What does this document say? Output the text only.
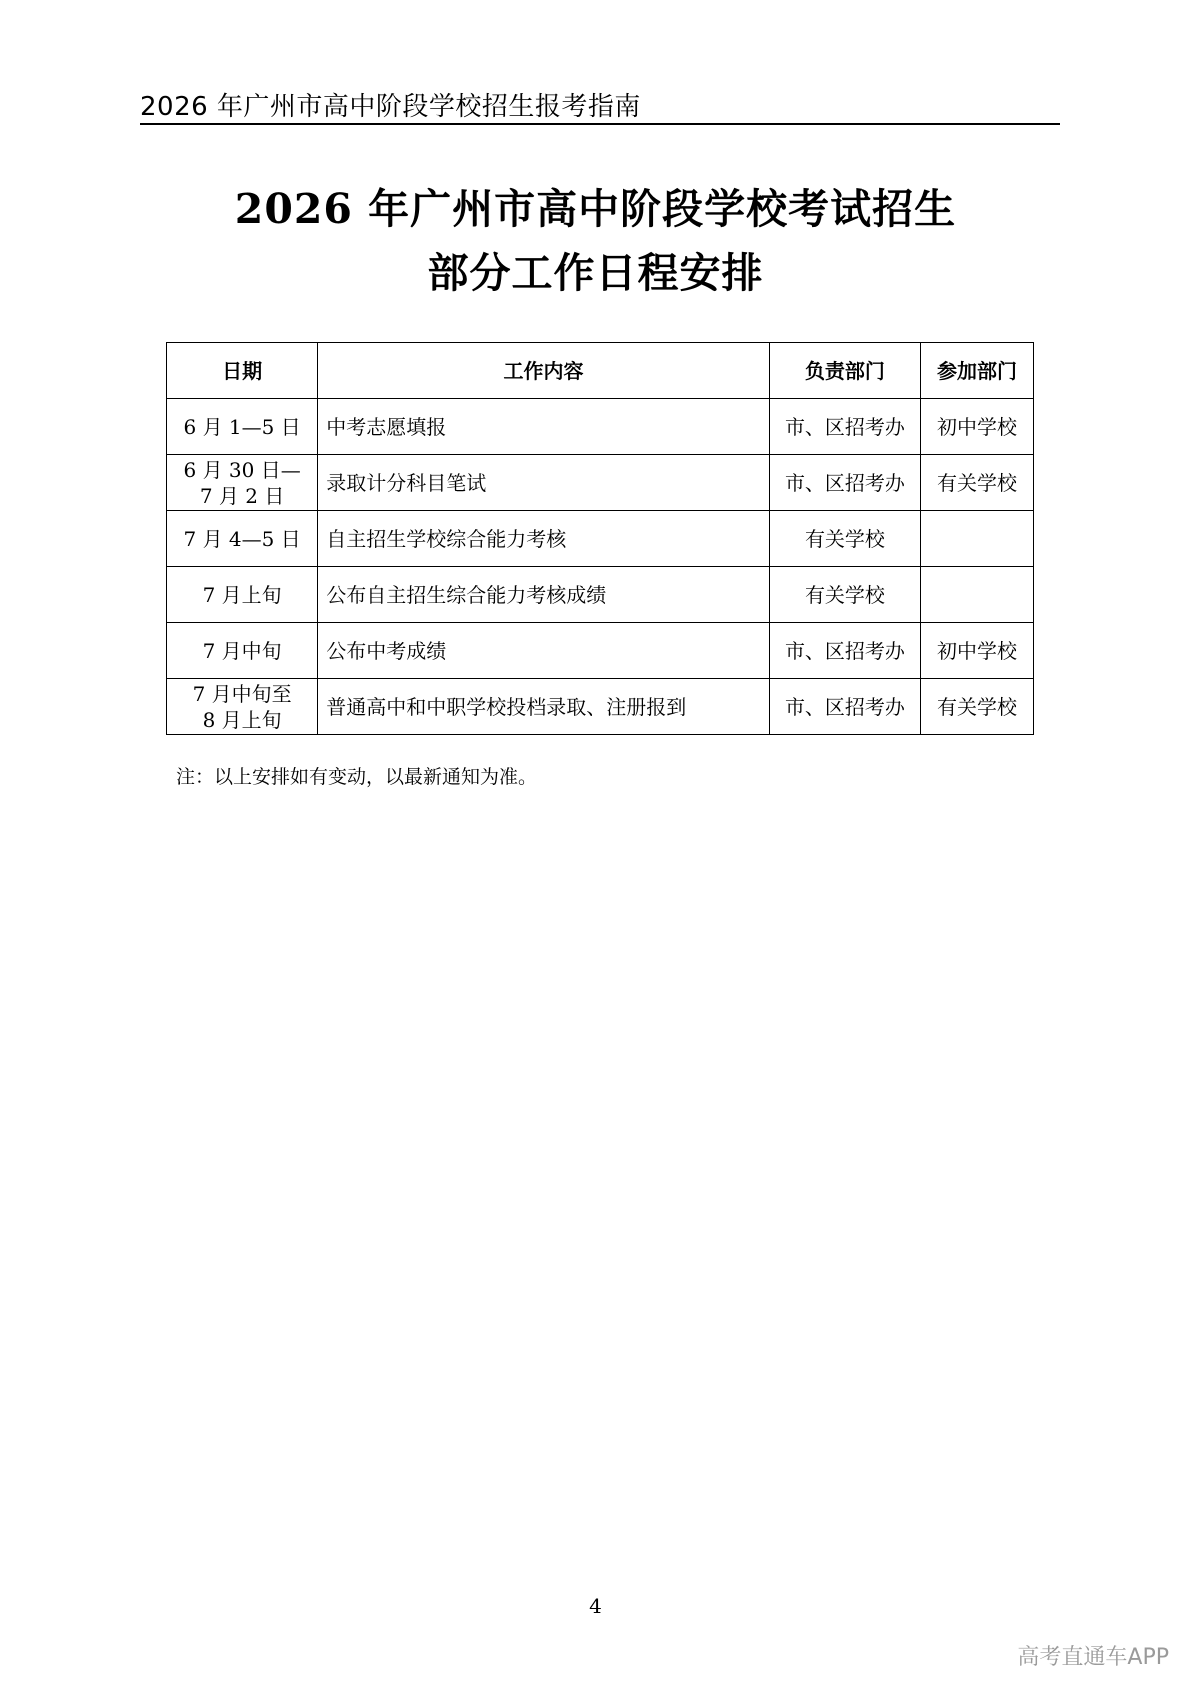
2026 年广州市高中阶段学校招生报考指南
2026 年广州市高中阶段学校考试招生
部分工作日程安排
日期	工作内容	负责部门	参加部门

6 月 1—5 日	中考志愿填报	市、区招考办	初中学校

6 月 30 日—
7 月 2 日	录取计分科目笔试	市、区招考办	有关学校

7 月 4—5 日	自主招生学校综合能力考核	有关学校	

7 月上旬	公布自主招生综合能力考核成绩	有关学校	

7 月中旬	公布中考成绩	市、区招考办	初中学校

7 月中旬至
8 月上旬	普通高中和中职学校投档录取、注册报到	市、区招考办	有关学校
注：以上安排如有变动，以最新通知为准。
4
高考直通车APP
